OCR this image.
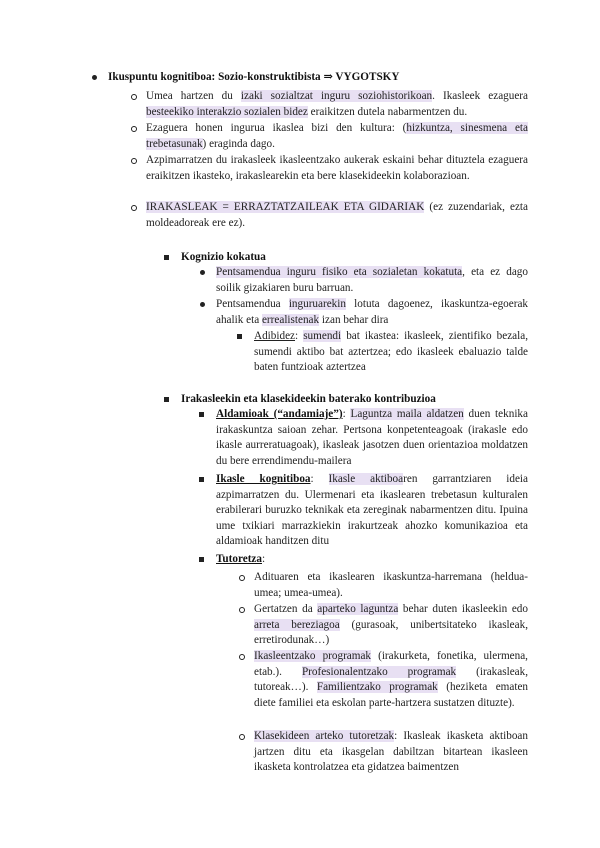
Ikuspuntu kognitiboa: Sozio-konstruktibista ⇒ VYGOTSKY
Umea hartzen du izaki sozialtzat inguru soziohistorikoan. Ikasleek ezaguera besteekiko interakzio sozialen bidez eraikitzen dutela nabarmentzen du.
Ezaguera honen ingurua ikaslea bizi den kultura: (hizkuntza, sinesmena eta trebetasunak) eraginda dago.
Azpimarratzen du irakasleek ikasleentzako aukerak eskaini behar dituztela ezaguera eraikitzen ikasteko, irakaslearekin eta bere klasekideekin kolaborazioan.
IRAKASLEAK = ERRAZTATZAILEAK ETA GIDARIAK (ez zuzendariak, ezta moldeadoreak ere ez).
Kognizio kokatua
Pentsamendua inguru fisiko eta sozialetan kokatuta, eta ez dago soilik gizakiaren buru barruan.
Pentsamendua inguruarekin lotuta dagoenez, ikaskuntza-egoerak ahalik eta errealistenak izan behar dira
Adibidez: sumendi bat ikastea: ikasleek, zientifiko bezala, sumendi aktibo bat aztertzea; edo ikasleek ebaluazio talde baten funtzioak aztertzea
Irakasleekin eta klasekideekin baterako kontribuzioa
Aldamioak (“andamiaje”): Laguntza maila aldatzen duen teknika irakaskuntza saioan zehar. Pertsona konpetenteagoak (irakasle edo ikasle aurreratuagoak), ikasleak jasotzen duen orientazioa moldatzen du bere errendimendu-mailera
Ikasle kognitiboa: Ikasle aktiboaren garrantziaren ideia azpimarratzen du. Ulermenari eta ikaslearen trebetasun kulturalen erabilerari buruzko teknikak eta zereginak nabarmentzen ditu. Ipuina ume txikiari marrazkiekin irakurtzeak ahozko komunikazioa eta aldamioak handitzen ditu
Tutoretza:
Adituaren eta ikaslearen ikaskuntza-harremana (heldua-umea; umea-umea).
Gertatzen da aparteko laguntza behar duten ikasleekin edo arreta bereziagoa (gurasoak, unibertsitateko ikasleak, erretirodunak…)
Ikasleentzako programak (irakurketa, fonetika, ulermena, etab.). Profesionalentzako programak (irakasleak, tutoreak…). Familientzako programak (heziketa ematen diete familiei eta eskolan parte-hartzera sustatzen dituzte).
Klasekideen arteko tutoretzak: Ikasleak ikasketa aktiboan jartzen ditu eta ikasgelan dabiltzan bitartean ikasleen ikasketa kontrolatzea eta gidatzea baimentzen
